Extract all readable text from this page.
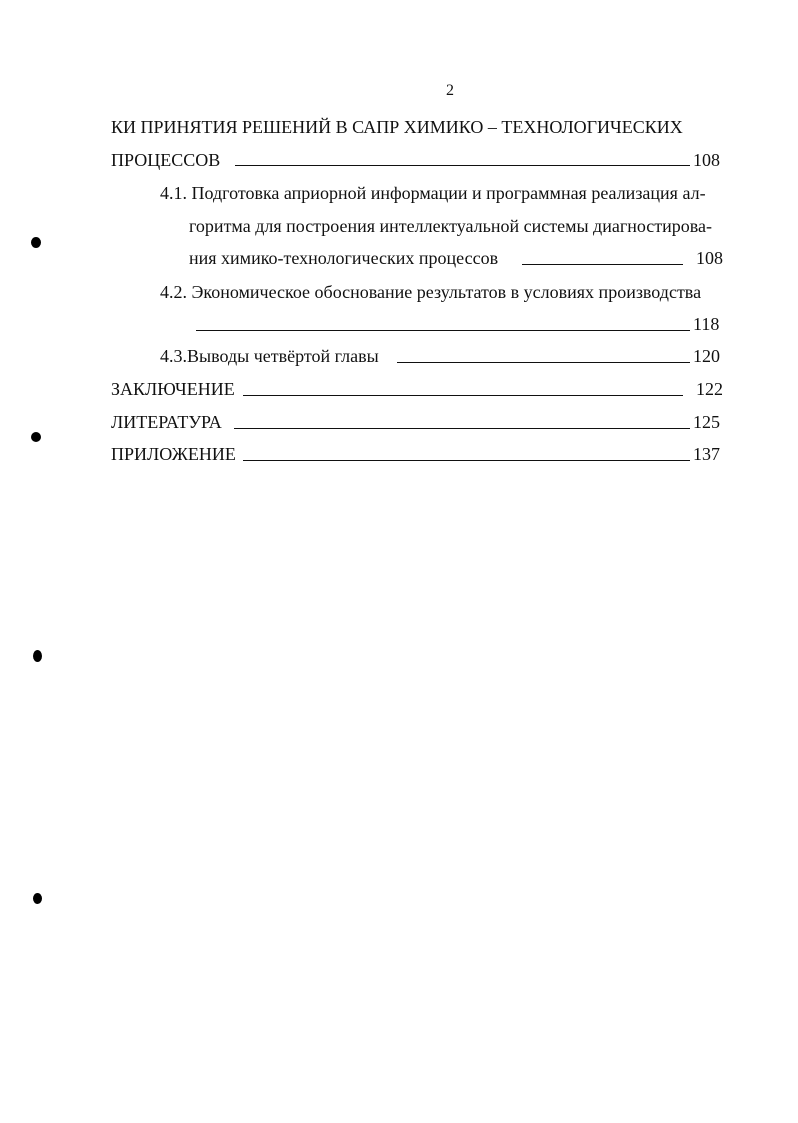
2
КИ ПРИНЯТИЯ РЕШЕНИЙ В САПР ХИМИКО – ТЕХНОЛОГИЧЕСКИХ
ПРОЦЕССОВ	108
4.1. Подготовка априорной информации и программная реализация ал-
горитма для построения интеллектуальной системы диагностирова-
ния химико-технологических процессов	108
4.2. Экономическое обоснование результатов в условиях производства
118
4.3.Выводы четвёртой главы	120
ЗАКЛЮЧЕНИЕ	122
ЛИТЕРАТУРА	125
ПРИЛОЖЕНИЕ	137
